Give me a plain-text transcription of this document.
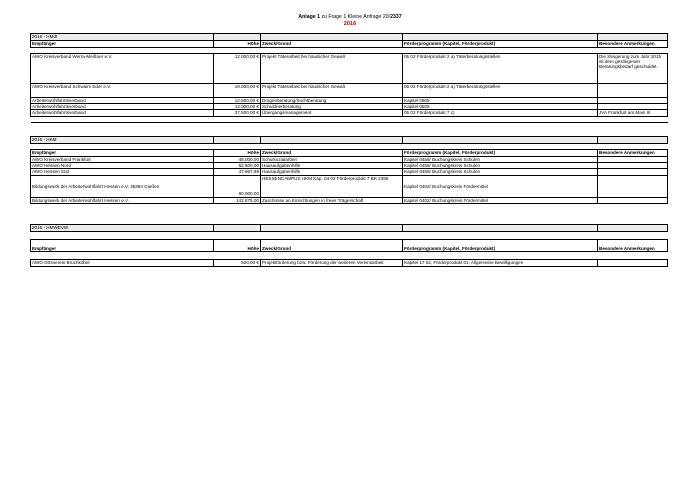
Anlage 1 zu Frage 1 Kleine Anfrage 20/2337
2016
2016 - HMdI				
Empfänger	Höhe	Zweck/Grund	Förderprogramm (Kapitel, Förderprodukt)	Besondere Anmerkungen

AWO Kreisverband Werra-Meißner e.V.	12.000,00 €	Projekt Täterarbeit bei häuslicher Gewalt	05 02 Förderprodukt 2 a) Täterberatungsstellen	Die Steigerung zum Jahr 2015 ist dem gestiegenen Beratungsbedarf geschuldet.
AWO Kreisverband Schwalm Eder e.V.	19.000,00 €	Projekt Täterarbeit bei häuslicher Gewalt	05 02 Förderprodukt 2 a) Täterberatungsstellen	
Arbeiterwohlfahrtsverband	12.600,00 €	Drogenberatung/Suchtberatung	Kapitel 0505	
Arbeiterwohlfahrtsverband	12.000,00 €	Schuldnerberatung	Kapitel 0505	
Arbeiterwohlfahrtsverband	27.500,00 €	Übergangsmanagement	05 02 Förderprodukt 7 c)	JVA Frankfurt am Main III

2016 - HKM				

Empfänger	Höhe	Zweck/Grund	Förderprogramm (Kapitel, Förderprodukt)	Besondere Anmerkungen
AWO Kreisverband Frankfurt	48.000,00	Schulsozialarbeit	Kapitel 0459/ Buchungskreis Schulen	
AWO Hessen Nord	62.500,00	Hausaufgabenhilfe	Kapitel 0459/ Buchungskreis Schulen	
AWO Hessen Süd	47.867,99	Hausaufgabenhilfe	Kapitel 0459/ Buchungskreis Schulen	
Bildungswerk der Arbeiterwohlfahrt Hessen e.V. 35394 Gießen	60.000,00	HESSENCAMPUS HKM Kap. 04 02 Förderprodukt 7 BK 2395	Kapitel 0402/ Buchungskreis Fördermittel	
Bildungswerk der Arbeiterwohlfahrt Hessen e.V.	142.875,00	Zuschüsse an Einrichtungen in freier Trägerschaft	Kapitel 0402/ Buchungskreis Fördermittel	
2016 - HMWEVW				

Empfänger	Höhe	Zweck/Grund	Förderprogramm (Kapitel, Förderprodukt)	Besondere Anmerkungen

AWO Ortsverein Bruchköbel	500,00 €	Projektförderung bzw. Förderung der weiteren Vereinsarbeit	Kapitel 17 02, Förderprodukt 01, Allgemeine Bewilligungen	
